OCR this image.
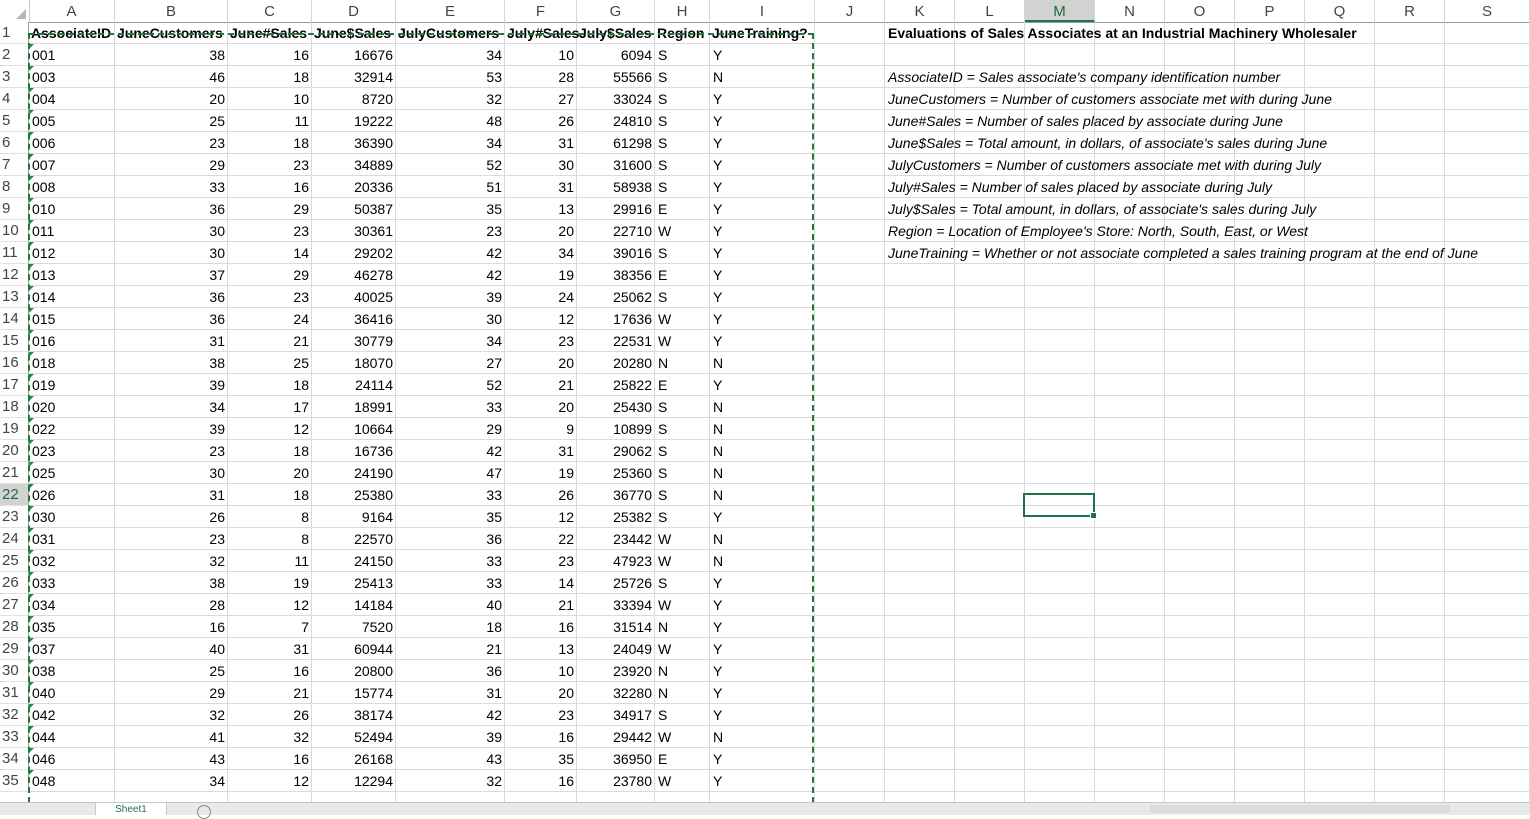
A	B	C	D	E	F	G	H	I	J	K	L	M	N	O	P	Q	R	S
1
2
3
4
5
6
7
8
9
10
11
12
13
14
15
16
17
18
19
20
21
22
23
24
25
26
27
28
29
30
31
32
33
34
35
AssociateID JuneCustomers June#Sales June$Sales JulyCustomers July#Sales July$Sales Region JuneTraining?
001	38	16	16676	34	10	6094 S	Y
003	46	18	32914	53	28	55566 S	N
004	20	10	8720	32	27	33024 S	Y
005	25	11	19222	48	26	24810 S	Y
006	23	18	36390	34	31	61298 S	Y
007	29	23	34889	52	30	31600 S	Y
008	33	16	20336	51	31	58938 S	Y
010	36	29	50387	35	13	29916 E	Y
011	30	23	30361	23	20	22710 W	Y
012	30	14	29202	42	34	39016 S	Y
013	37	29	46278	42	19	38356 E	Y
014	36	23	40025	39	24	25062 S	Y
015	36	24	36416	30	12	17636 W	Y
016	31	21	30779	34	23	22531 W	Y
018	38	25	18070	27	20	20280 N	N
019	39	18	24114	52	21	25822 E	Y
020	34	17	18991	33	20	25430 S	N
022	39	12	10664	29	9	10899 S	N
023	23	18	16736	42	31	29062 S	N
025	30	20	24190	47	19	25360 S	N
026	31	18	25380	33	26	36770 S	N
030	26	8	9164	35	12	25382 S	Y
031	23	8	22570	36	22	23442 W	N
032	32	11	24150	33	23	47923 W	N
033	38	19	25413	33	14	25726 S	Y
034	28	12	14184	40	21	33394 W	Y
035	16	7	7520	18	16	31514 N	Y
037	40	31	60944	21	13	24049 W	Y
038	25	16	20800	36	10	23920 N	Y
040	29	21	15774	31	20	32280 N	Y
042	32	26	38174	42	23	34917 S	Y
044	41	32	52494	39	16	29442 W	N
046	43	16	26168	43	35	36950 E	Y
048	34	12	12294	32	16	23780 W	Y
Evaluations of Sales Associates at an Industrial Machinery Wholesaler
AssociateID = Sales associate's company identification number
JuneCustomers = Number of customers associate met with during June
June#Sales = Number of sales placed by associate during June
June$Sales = Total amount, in dollars, of associate's sales during June
JulyCustomers = Number of customers associate met with during July
July#Sales = Number of sales placed by associate during July
July$Sales = Total amount, in dollars, of associate's sales during July
Region = Location of Employee's Store: North, South, East, or West
JuneTraining = Whether or not associate completed a sales training program at the end of June
Sheet1
